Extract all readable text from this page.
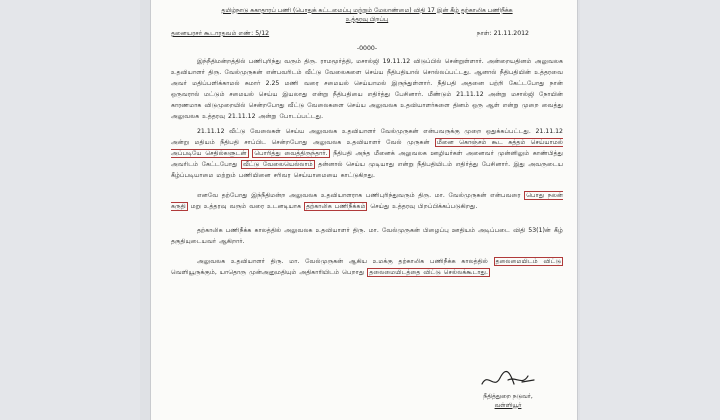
தமிழ்நாடு சுகாதாரப் பணி (பொதுக் கட்டமைப்பு மற்றும் மேலாண்மை) விதி 17 இன் கீழ் தற்காலிக பணிநீக்க
உத்தரவு பிறப்பு
தனையரசர் கூடாரதவம் எண்: 5/12	நாள்: 21.11.2012
-0000-

இந்நீதிமன்றத்தில் பணிபுரிந்து வரும் திரு. ராமமூர்த்தி, மசால்ஜி 19.11.12 விடுப்பில் சென்றுள்ளார். அன்றையதினம் அலுவலக உதவியாளர் திரு. வேல்முருகன் என்பவரிடம் வீட்டு வேலைகளை செய்ய நீதிபதியால் சொல்லப்பட்டது. ஆனால் நீதிபதியின் உத்தரவை அவர் மதிப்பளிக்காமல் சுமார் 2.25 மணி வரை சமையல் செய்யாமல் இருந்துள்ளார். நீதிபதி அதனை பற்றி கேட்டபோது நான் ஒருவரால் மட்டும் சமையல் செய்ய இயலாது என்று நீதிபதியை எதிர்த்து பேசினார். மீண்டும் 21.11.12 அன்று மசால்ஜி நோயின் காரணமாக விடுமுறையில் சென்றபோது வீட்டு வேலைகளை செய்ய அலுவலக உதவியாளர்களை தினம் ஒரு ஆள் என்று முறை வைத்து அலுவலக உத்தரவு 21.11.12 அன்று போடப்பட்டது.

21.11.12 வீட்டு வேலைகள் செய்ய அலுவலக உதவியாளர் வேல்முருகன் என்பவருக்கு முறை ஒதுக்கப்பட்டது. 21.11.12 அன்று மதியம் நீதிபதி சாப்பிட சென்றபோது அலுவலக உதவியாளர் வேல் முருகன் மீனை கொஞ்சம் கூட சுத்தம் செய்யாமல் அப்படியே செதில்களுடன் பொரித்து வைத்திருந்தார். நீதிபதி அந்த மீனைக் அலுவலக ஊழியர்கள் அனைவர் முன்னிலும் காண்பித்து அவரிடம் கேட்டபோது வீட்டு வேலையெல்லாம் தன்னால் செய்ய முடியாது என்று நீதிபதியிடம் எதிர்த்து பேசினார். இது அவருடைய கீழ்ப்படியாமை மற்றும் பணியினை சரிவர செய்யாமையை காட்டுகிறது.

எனவே தற்போது இந்நீதிமன்ற அலுவலக உதவியாளராக பணிபுரிந்துவரும் திரு. மா. வேல்முருகன் என்பவரை பொது நலன் கருதி மறு உத்தரவு வரும் வரை உடனடியாக தற்காலிக பணிநீக்கம் செய்து உத்தரவு பிறப்பிக்கப்படுகிறது.

தற்காலிக பணிநீக்க காலத்தில் அலுவலக உதவியாளர் திரு. மா. வேல்முருகன் பிழைப்பு ஊதியம் அடிப்படை விதி 53(1)ன் கீழ் தகுதியுடையவர் ஆகிறார்.

அலுவலக உதவியாளர் திரு. மா. வேல்முருகன் ஆகிய உமக்கு தற்காலிக பணிநீக்க காலத்தில் தலைமையிடம் விட்டு வெளியூருக்கும், யாதொரு முன்அனுமதியும் அதிகாரியிடம் பெறாது தலைமையிடத்தை விட்டு செல்லக்கூடாது.

நீதித்துறை நடுவர்,
வள்ளியூர்
